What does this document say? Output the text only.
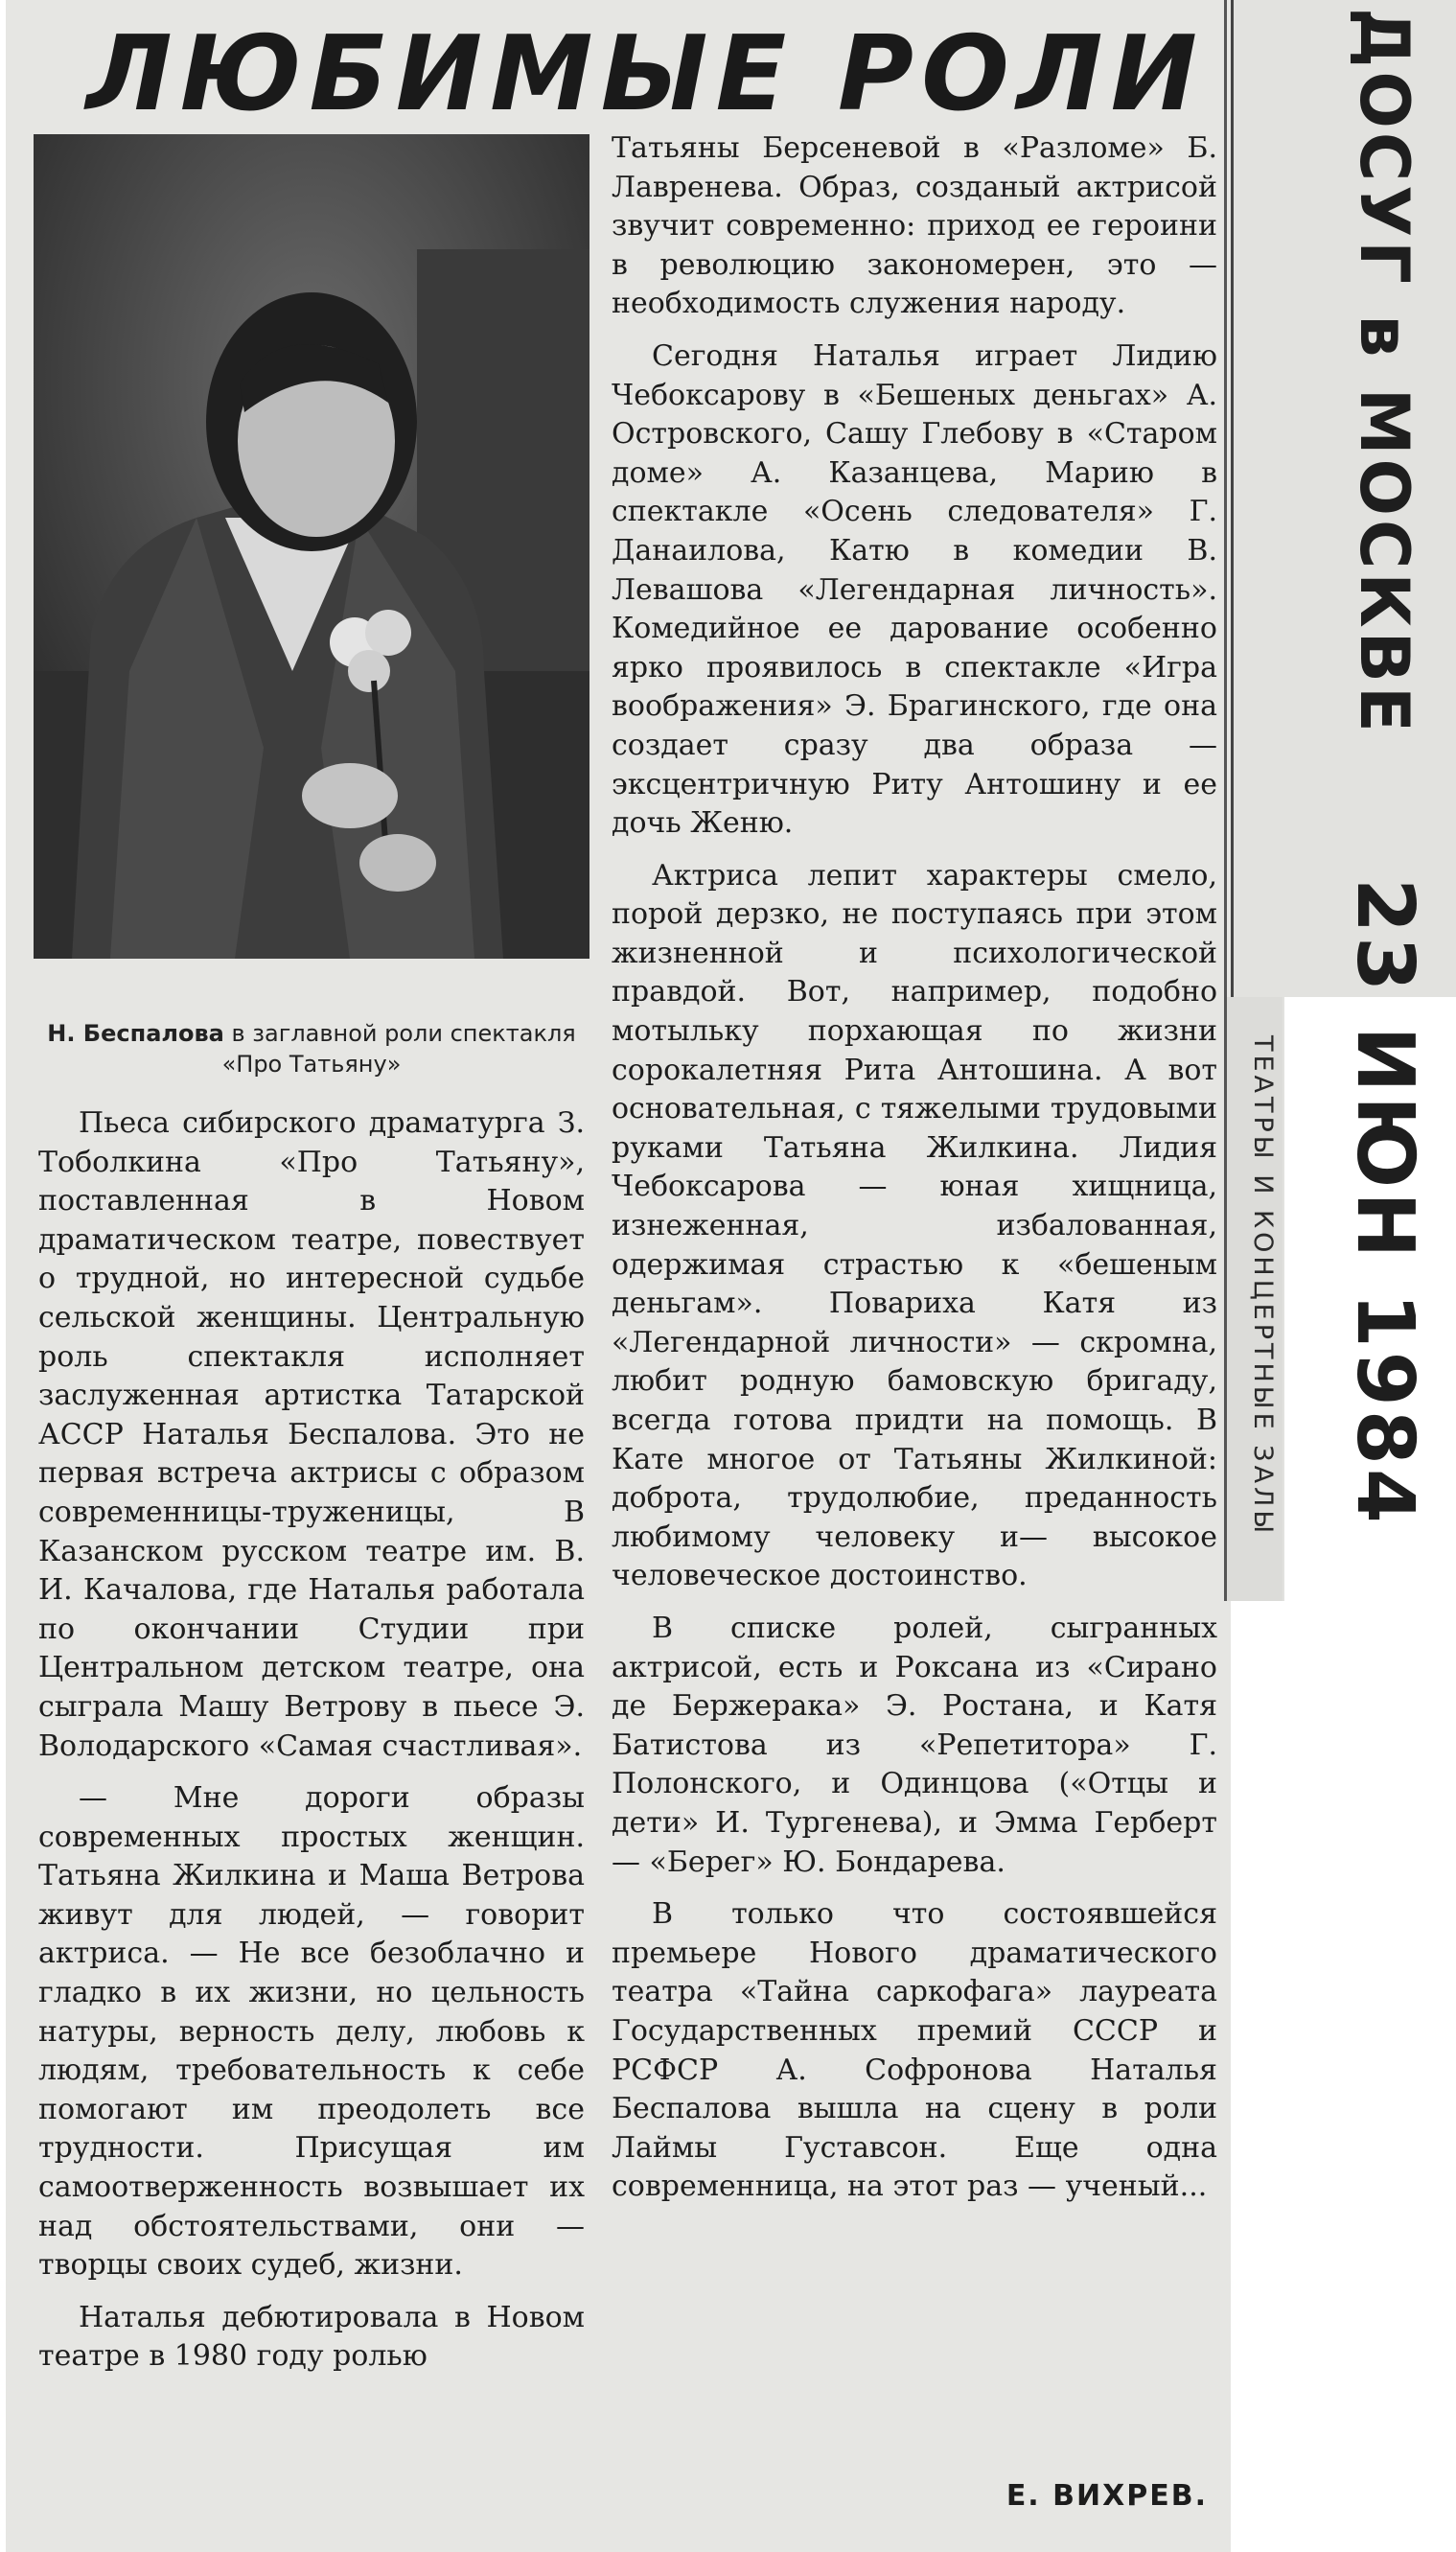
ДОСУГ в МОСКВЕ 23 ИЮН 1984
ТЕАТРЫ И КОНЦЕРТНЫЕ ЗАЛЫ
ЛЮБИМЫЕ РОЛИ
Н. Беспалова в заглавной роли спектакля «Про Татьяну»

Пьеса сибирского драматурга З. Тоболкина «Про Татьяну», поставленная в Новом драматическом театре, повествует о трудной, но интересной судьбе сельской женщины. Центральную роль спектакля исполняет заслуженная артистка Татарской АССР Наталья Беспалова. Это не первая встреча актрисы с образом современницы-труженицы, В Казанском русском театре им. В. И. Качалова, где Наталья работала по окончании Студии при Центральном детском театре, она сыграла Машу Ветрову в пьесе Э. Володарского «Самая счастливая».

— Мне дороги образы современных простых женщин. Татьяна Жилкина и Маша Ветрова живут для людей, — говорит актриса. — Не все безоблачно и гладко в их жизни, но цельность натуры, верность делу, любовь к людям, требовательность к себе помогают им преодолеть все трудности. Присущая им самоотверженность возвышает их над обстоятельствами, они — творцы своих судеб, жизни.

Наталья дебютировала в Новом театре в 1980 году ролью

Татьяны Берсеневой в «Разломе» Б. Лавренева. Образ, созданый актрисой звучит современно: приход ее героини в революцию закономерен, это — необходимость служения народу.

Сегодня Наталья играет Лидию Чебоксарову в «Бешеных деньгах» А. Островского, Сашу Глебову в «Старом доме» А. Казанцева, Марию в спектакле «Осень следователя» Г. Данаилова, Катю в комедии В. Левашова «Легендарная личность». Комедийное ее дарование особенно ярко проявилось в спектакле «Игра воображения» Э. Брагинского, где она создает сразу два образа — эксцентричную Риту Антошину и ее дочь Женю.

Актриса лепит характеры смело, порой дерзко, не поступаясь при этом жизненной и психологической правдой. Вот, например, подобно мотыльку порхающая по жизни сорокалетняя Рита Антошина. А вот основательная, с тяжелыми трудовыми руками Татьяна Жилкина. Лидия Чебоксарова — юная хищница, изнеженная, избалованная, одержимая страстью к «бешеным деньгам». Повариха Катя из «Легендарной личности» — скромна, любит родную бамовскую бригаду, всегда готова придти на помощь. В Кате многое от Татьяны Жилкиной: доброта, трудолюбие, преданность любимому человеку и— высокое человеческое достоинство.

В списке ролей, сыгранных актрисой, есть и Роксана из «Сирано де Бержерака» Э. Ростана, и Катя Батистова из «Репетитора» Г. Полонского, и Одинцова («Отцы и дети» И. Тургенева), и Эмма Герберт — «Берег» Ю. Бондарева.

В только что состоявшейся премьере Нового драматического театра «Тайна саркофага» лауреата Государственных премий СССР и РСФСР А. Софронова Наталья Беспалова вышла на сцену в роли Лаймы Густавсон. Еще одна современница, на этот раз — ученый...

Е. ВИХРЕВ.
